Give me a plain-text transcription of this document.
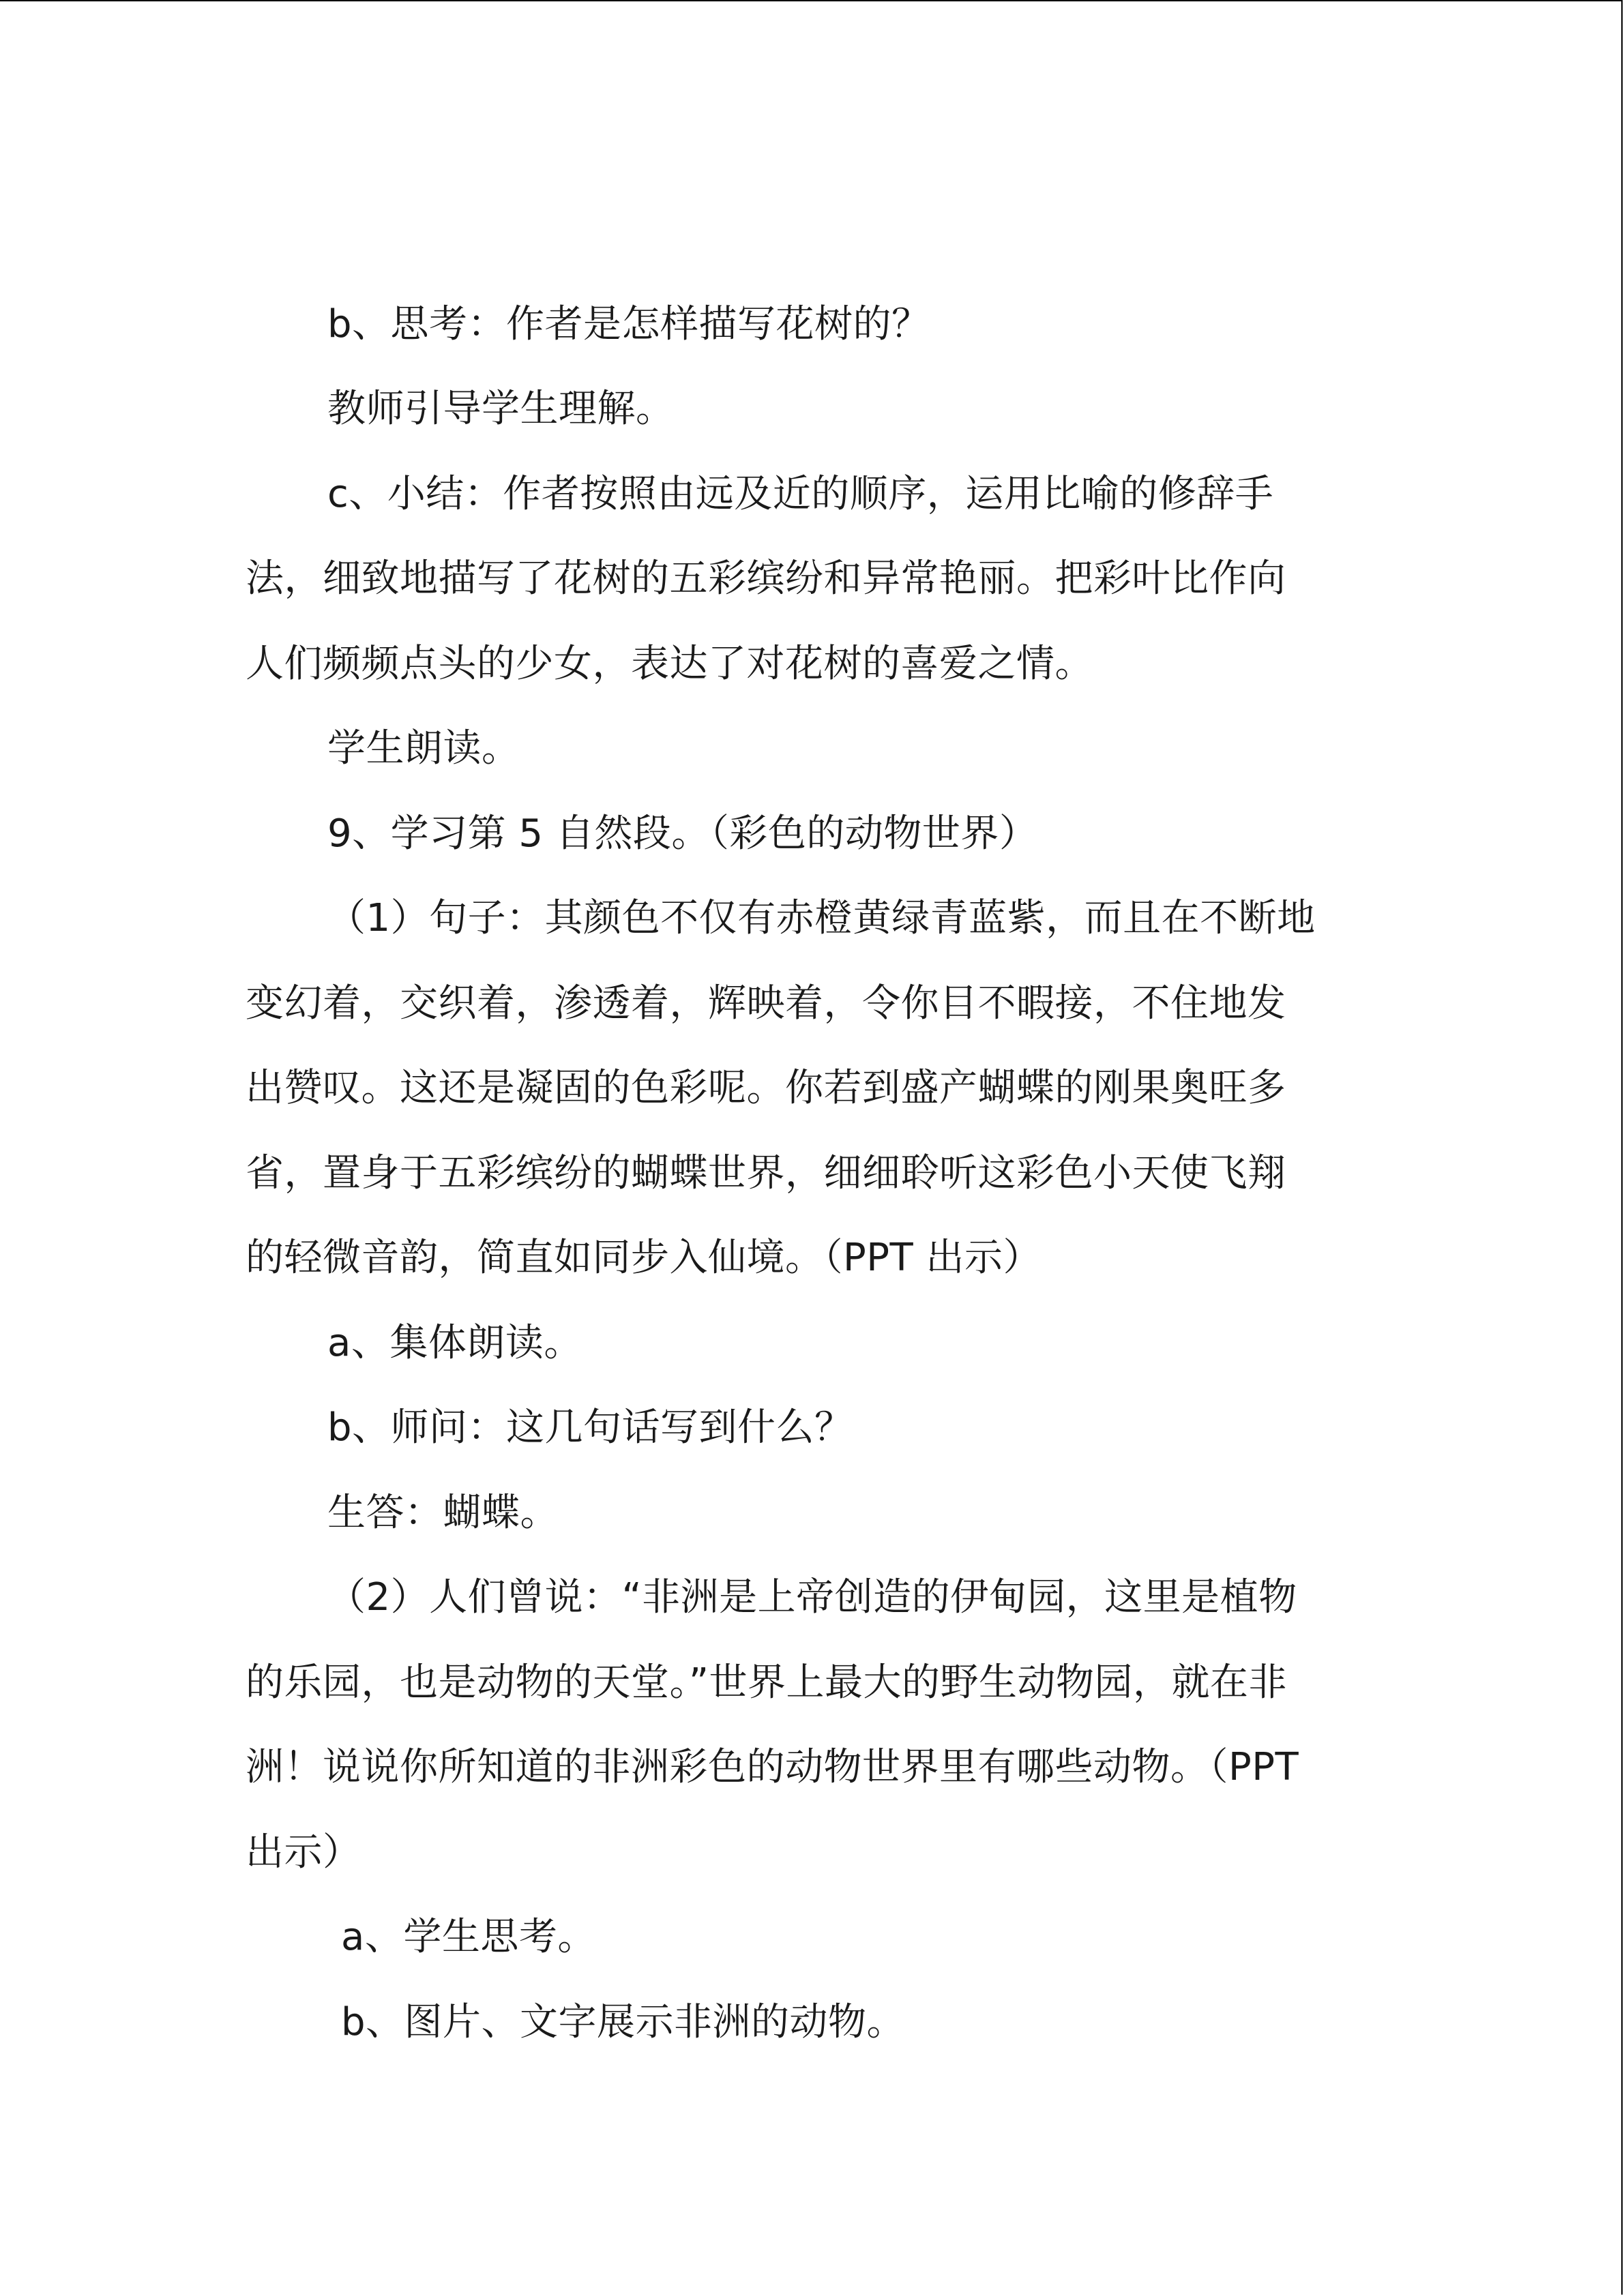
b、思考：作者是怎样描写花树的？
教师引导学生理解。
c、小结：作者按照由远及近的顺序，运用比喻的修辞手
法，细致地描写了花树的五彩缤纷和异常艳丽。把彩叶比作向
人们频频点头的少女，表达了对花树的喜爱之情。
学生朗读。
9、学习第 5 自然段。（彩色的动物世界）
（1）句子：其颜色不仅有赤橙黄绿青蓝紫，而且在不断地
变幻着，交织着，渗透着，辉映着，令你目不暇接，不住地发
出赞叹。这还是凝固的色彩呢。你若到盛产蝴蝶的刚果奥旺多
省，置身于五彩缤纷的蝴蝶世界，细细聆听这彩色小天使飞翔
的轻微音韵，简直如同步入仙境。（PPT 出示）
a、集体朗读。
b、师问：这几句话写到什么？
生答：蝴蝶。
（2）人们曾说：“非洲是上帝创造的伊甸园，这里是植物
的乐园，也是动物的天堂。”世界上最大的野生动物园，就在非
洲！说说你所知道的非洲彩色的动物世界里有哪些动物。（PPT
出示）
a、学生思考。
b、图片、文字展示非洲的动物。
